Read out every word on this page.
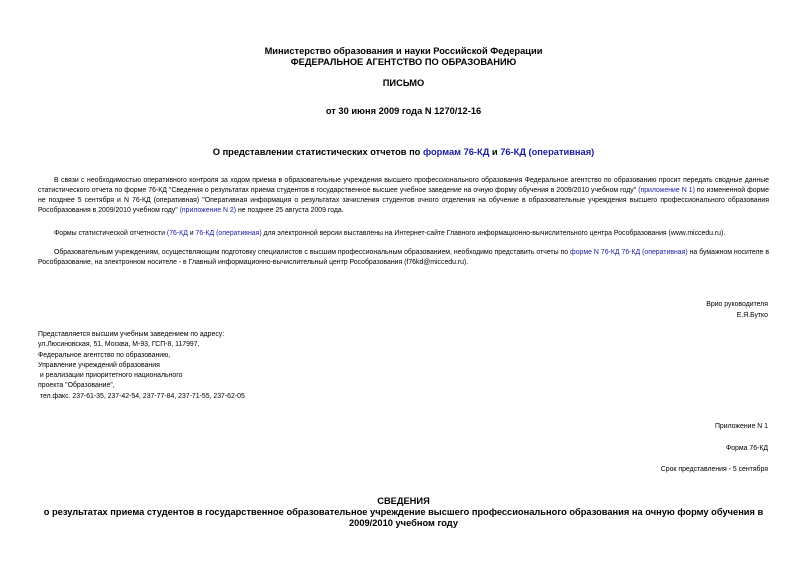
Министерство образования и науки Российской Федерации
ФЕДЕРАЛЬНОЕ АГЕНТСТВО ПО ОБРАЗОВАНИЮ
ПИСЬМО
от 30 июня 2009 года N 1270/12-16
О представлении статистических отчетов по формам 76-КД и 76-КД (оперативная)
В связи с необходимостью оперативного контроля за ходом приема в образовательные учреждения высшего профессионального образования Федеральное агентство по образованию просит передать сводные данные статистического отчета по форме 76-КД "Сведения о результатах приема студентов в государственное высшее учебное заведение на очную форму обучения в 2009/2010 учебном году" (приложение N 1) по измененной форме не позднее 5 сентября и N 76-КД (оперативная) "Оперативная информация о результатах зачисления студентов очного отделения на обучение в образовательные учреждения высшего профессионального образования Рособразования в 2009/2010 учебном году" (приложение N 2) не позднее 25 августа 2009 года.
Формы статистической отчетности (76-КД и 76-КД (оперативная) для электронной версии выставлены на Интернет-сайте Главного информационно-вычислительного центра Рособразования (www.miccedu.ru).
Образовательным учреждениям, осуществляющим подготовку специалистов с высшим профессиональным образованием, необходимо представить отчеты по форме N 76-КД 76-КД (оперативная) на бумажном носителе в Рособразование, на электронном носителе - в Главный информационно-вычислительный центр Рособразования (f76kd@miccedu.ru).
Врио руководителя
Е.Я.Бутко
Представляется высшим учебным заведением по адресу:
ул.Люсиновская, 51, Москва, М-93, ГСП-8, 117997,
Федеральное агентство по образованию,
Управление учреждений образования
и реализации приоритетного национального
проекта "Образование",
тел.факс. 237-61-35, 237-42-54, 237-77-84, 237-71-55, 237-62-05
Приложение N 1
Форма 76-КД
Срок представления - 5 сентября
СВЕДЕНИЯ
о результатах приема студентов в государственное образовательное учреждение высшего профессионального образования на очную форму обучения в
2009/2010 учебном году
